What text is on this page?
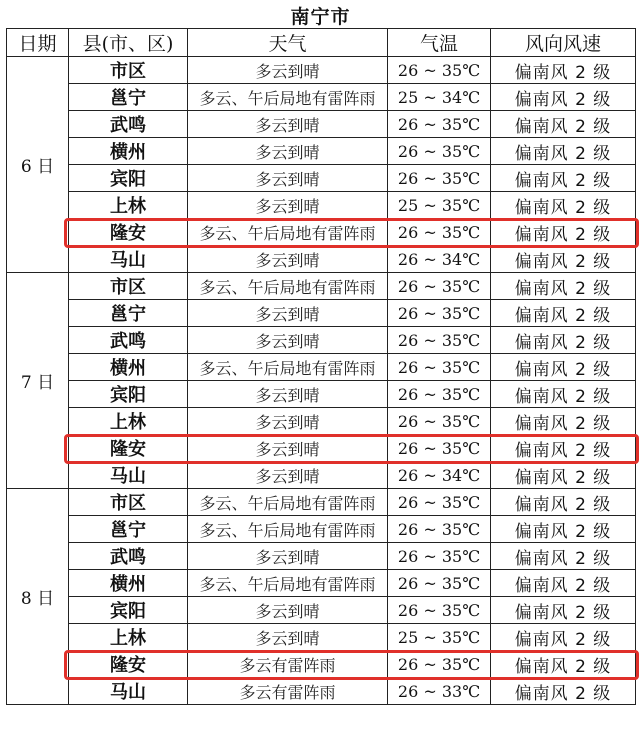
南宁市
日期	县(市、区)	天气	气温	风向风速
6 日	市区	多云到晴	26 ~ 35℃	偏南风 2 级
	邕宁	多云、午后局地有雷阵雨	25 ~ 34℃	偏南风 2 级
	武鸣	多云到晴	26 ~ 35℃	偏南风 2 级
	横州	多云到晴	26 ~ 35℃	偏南风 2 级
	宾阳	多云到晴	26 ~ 35℃	偏南风 2 级
	上林	多云到晴	25 ~ 35℃	偏南风 2 级
	隆安	多云、午后局地有雷阵雨	26 ~ 35℃	偏南风 2 级
	马山	多云到晴	26 ~ 34℃	偏南风 2 级
7 日	市区	多云、午后局地有雷阵雨	26 ~ 35℃	偏南风 2 级
	邕宁	多云到晴	26 ~ 35℃	偏南风 2 级
	武鸣	多云到晴	26 ~ 35℃	偏南风 2 级
	横州	多云、午后局地有雷阵雨	26 ~ 35℃	偏南风 2 级
	宾阳	多云到晴	26 ~ 35℃	偏南风 2 级
	上林	多云到晴	26 ~ 35℃	偏南风 2 级
	隆安	多云到晴	26 ~ 35℃	偏南风 2 级
	马山	多云到晴	26 ~ 34℃	偏南风 2 级
8 日	市区	多云、午后局地有雷阵雨	26 ~ 35℃	偏南风 2 级
	邕宁	多云、午后局地有雷阵雨	26 ~ 35℃	偏南风 2 级
	武鸣	多云到晴	26 ~ 35℃	偏南风 2 级
	横州	多云、午后局地有雷阵雨	26 ~ 35℃	偏南风 2 级
	宾阳	多云到晴	26 ~ 35℃	偏南风 2 级
	上林	多云到晴	25 ~ 35℃	偏南风 2 级
	隆安	多云有雷阵雨	26 ~ 35℃	偏南风 2 级
	马山	多云有雷阵雨	26 ~ 33℃	偏南风 2 级
